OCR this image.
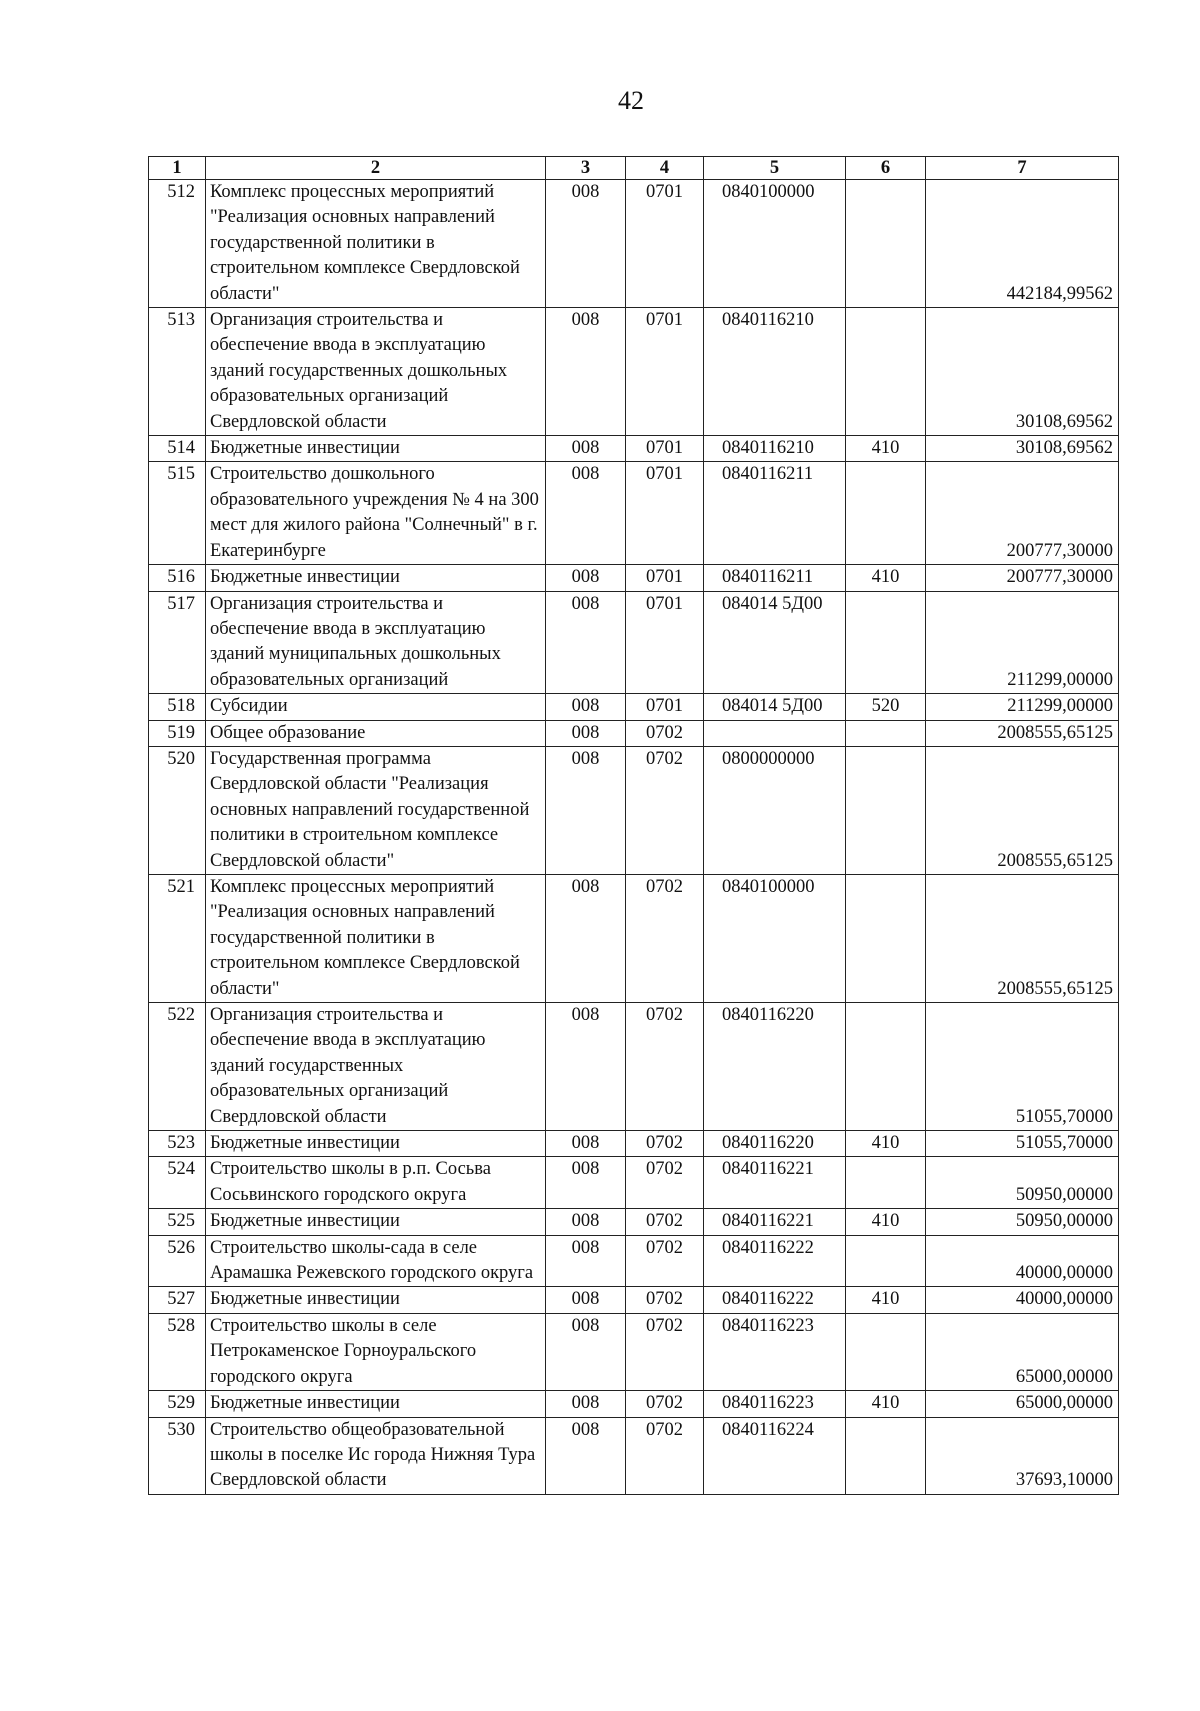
42
1	2	3	4	5	6	7
512	Комплекс процессных мероприятий "Реализация основных направлений государственной политики в строительном комплексе Свердловской области"	008	0701	0840100000		442184,99562
513	Организация строительства и обеспечение ввода в эксплуатацию зданий государственных дошкольных образовательных организаций Свердловской области	008	0701	0840116210		30108,69562
514	Бюджетные инвестиции	008	0701	0840116210	410	30108,69562
515	Строительство дошкольного образовательного учреждения № 4 на 300 мест для жилого района "Солнечный" в г. Екатеринбурге	008	0701	0840116211		200777,30000
516	Бюджетные инвестиции	008	0701	0840116211	410	200777,30000
517	Организация строительства и обеспечение ввода в эксплуатацию зданий муниципальных дошкольных образовательных организаций	008	0701	084014 5Д00		211299,00000
518	Субсидии	008	0701	084014 5Д00	520	211299,00000
519	Общее образование	008	0702			2008555,65125
520	Государственная программа Свердловской области "Реализация основных направлений государственной политики в строительном комплексе Свердловской области"	008	0702	0800000000		2008555,65125
521	Комплекс процессных мероприятий "Реализация основных направлений государственной политики в строительном комплексе Свердловской области"	008	0702	0840100000		2008555,65125
522	Организация строительства и обеспечение ввода в эксплуатацию зданий государственных образовательных организаций Свердловской области	008	0702	0840116220		51055,70000
523	Бюджетные инвестиции	008	0702	0840116220	410	51055,70000
524	Строительство школы в р.п. Сосьва Сосьвинского городского округа	008	0702	0840116221		50950,00000
525	Бюджетные инвестиции	008	0702	0840116221	410	50950,00000
526	Строительство школы-сада в селе Арамашка Режевского городского округа	008	0702	0840116222		40000,00000
527	Бюджетные инвестиции	008	0702	0840116222	410	40000,00000
528	Строительство школы в селе Петрокаменское Горноуральского городского округа	008	0702	0840116223		65000,00000
529	Бюджетные инвестиции	008	0702	0840116223	410	65000,00000
530	Строительство общеобразовательной школы в поселке Ис города Нижняя Тура Свердловской области	008	0702	0840116224		37693,10000
